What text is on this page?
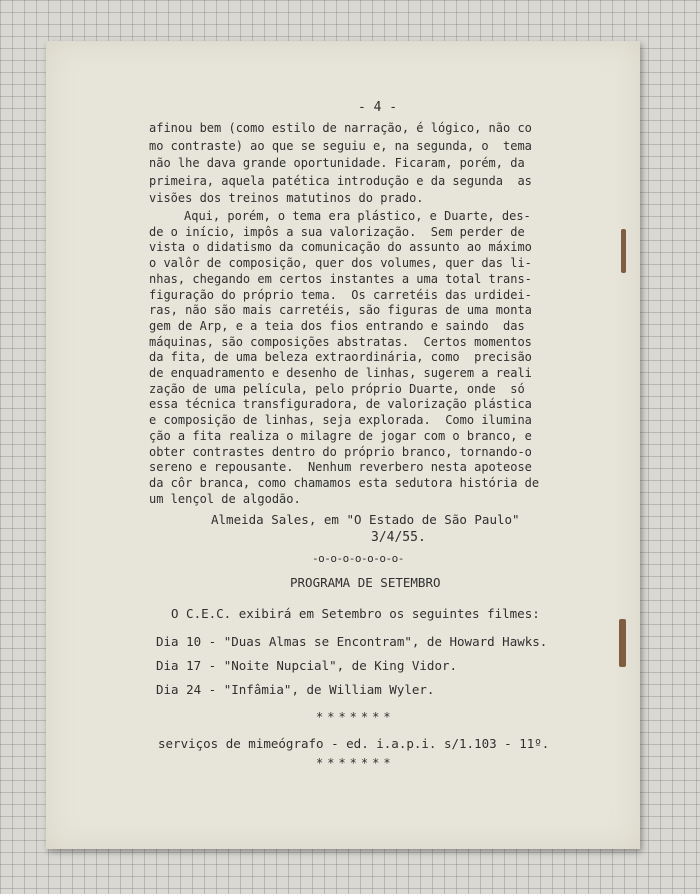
- 4 -
afinou bem (como estilo de narração, é lógico, não co
mo contraste) ao que se seguiu e, na segunda, o  tema
não lhe dava grande oportunidade. Ficaram, porém, da
primeira, aquela patética introdução e da segunda  as
visões dos treinos matutinos do prado.
Aqui, porém, o tema era plástico, e Duarte, des-
de o início, impôs a sua valorização.  Sem perder de
vista o didatismo da comunicação do assunto ao máximo
o valôr de composição, quer dos volumes, quer das li-
nhas, chegando em certos instantes a uma total trans-
figuração do próprio tema.  Os carretéis das urdidei-
ras, não são mais carretéis, são figuras de uma monta
gem de Arp, e a teia dos fios entrando e saindo  das
máquinas, são composições abstratas.  Certos momentos
da fita, de uma beleza extraordinária, como  precisão
de enquadramento e desenho de linhas, sugerem a reali
zação de uma película, pelo próprio Duarte, onde  só
essa técnica transfiguradora, de valorização plástica
e composição de linhas, seja explorada.  Como ilumina
ção a fita realiza o milagre de jogar com o branco, e
obter contrastes dentro do próprio branco, tornando-o
sereno e repousante.  Nenhum reverbero nesta apoteose
da côr branca, como chamamos esta sedutora história de
um lençol de algodão.
Almeida Sales, em "O Estado de São Paulo"
3/4/55.
-o-o-o-o-o-o-o-
PROGRAMA DE SETEMBRO
O C.E.C. exibirá em Setembro os seguintes filmes:
Dia 10 - "Duas Almas se Encontram", de Howard Hawks.
Dia 17 - "Noite Nupcial", de King Vidor.
Dia 24 - "Infâmia", de William Wyler.
*******
serviços de mimeógrafo - ed. i.a.p.i. s/1.103 - 11º.
*******
